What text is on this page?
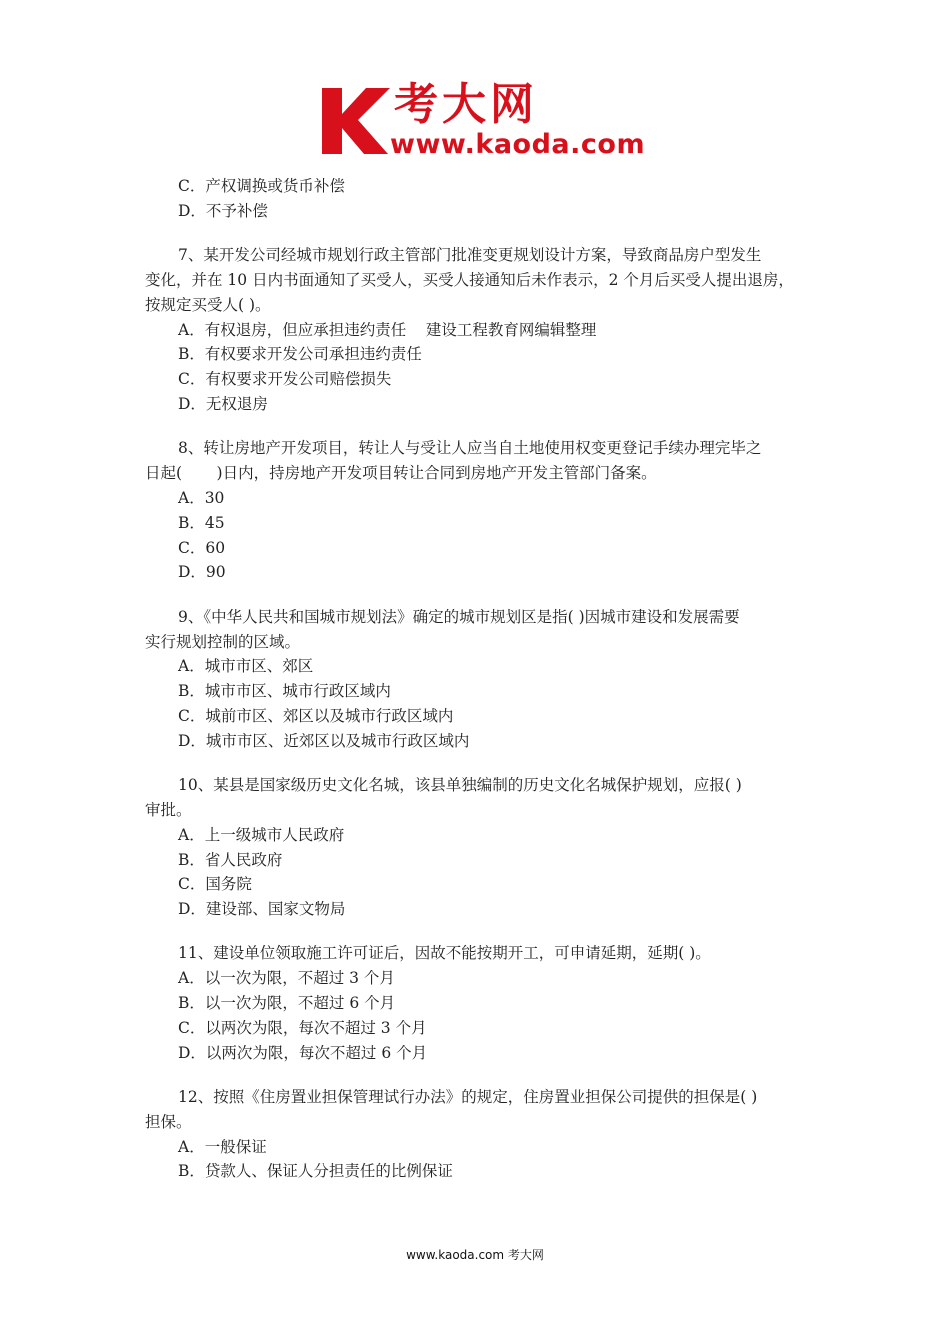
考大网
www.kaoda.com
C．产权调换或货币补偿
D．不予补偿
7、某开发公司经城市规划行政主管部门批准变更规划设计方案，导致商品房户型发生
变化，并在 10 日内书面通知了买受人，买受人接通知后未作表示，2 个月后买受人提出退房，
按规定买受人( )。
A．有权退房，但应承担违约责任    建设工程教育网编辑整理
B．有权要求开发公司承担违约责任
C．有权要求开发公司赔偿损失
D．无权退房
8、转让房地产开发项目，转让人与受让人应当自土地使用权变更登记手续办理完毕之
日起(       )日内，持房地产开发项目转让合同到房地产开发主管部门备案。
A．30
B．45
C．60
D．90
9、《中华人民共和国城市规划法》确定的城市规划区是指( )因城市建设和发展需要
实行规划控制的区域。
A．城市市区、郊区
B．城市市区、城市行政区域内
C．城前市区、郊区以及城市行政区域内
D．城市市区、近郊区以及城市行政区域内
10、某县是国家级历史文化名城，该县单独编制的历史文化名城保护规划，应报( )
审批。
A．上一级城市人民政府
B．省人民政府
C．国务院
D．建设部、国家文物局
11、建设单位领取施工许可证后，因故不能按期开工，可申请延期，延期( )。
A．以一次为限，不超过 3 个月
B．以一次为限，不超过 6 个月
C．以两次为限，每次不超过 3 个月
D．以两次为限，每次不超过 6 个月
12、按照《住房置业担保管理试行办法》的规定，住房置业担保公司提供的担保是( )
担保。
A．一般保证
B．贷款人、保证人分担责任的比例保证
www.kaoda.com 考大网
